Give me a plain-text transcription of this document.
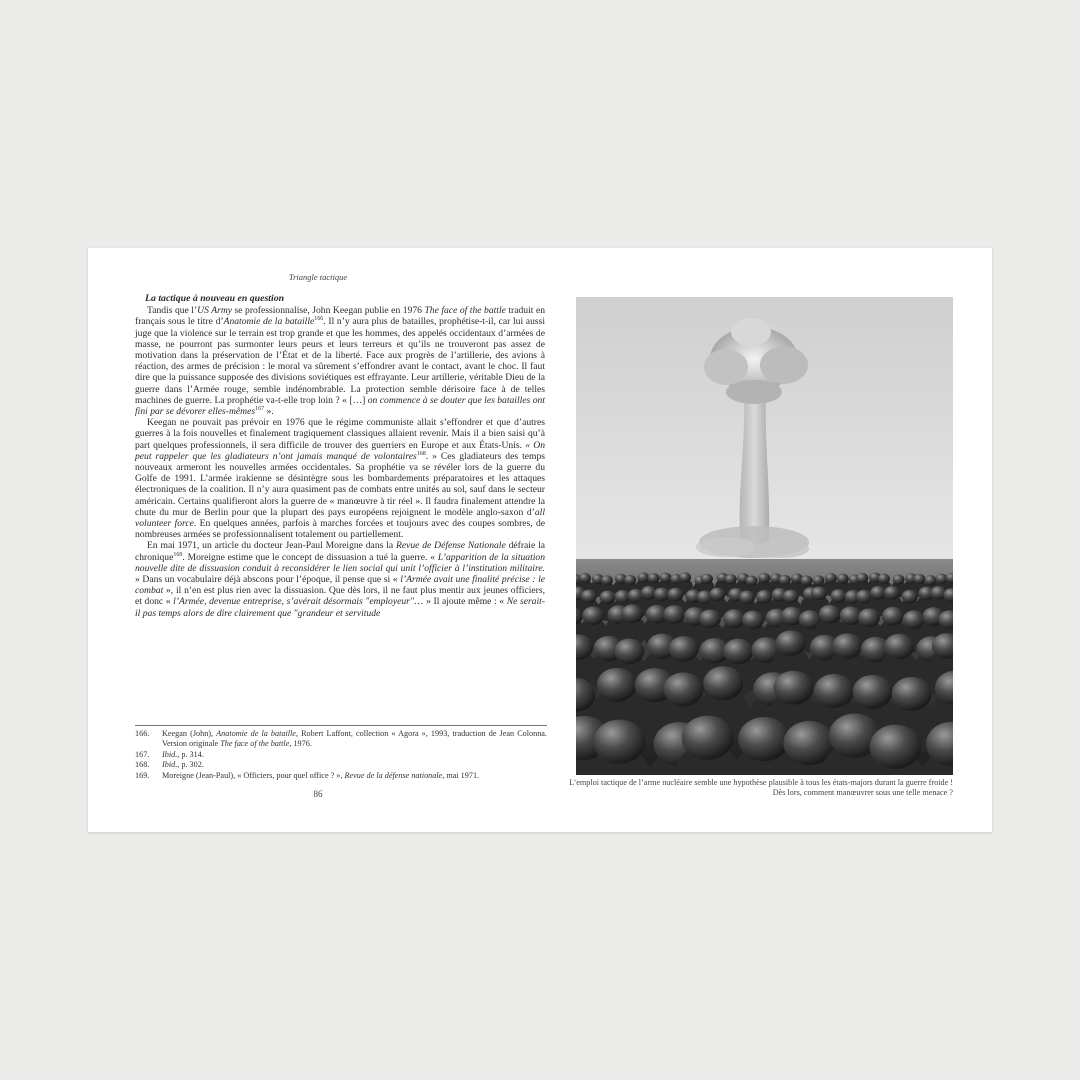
Triangle tactique
La tactique à nouveau en question

Tandis que l’US Army se professionnalise, John Keegan publie en 1976 The face of the battle traduit en français sous le titre d’Anatomie de la bataille$^{166}$. Il n’y aura plus de batailles, prophétise-t-il, car lui aussi juge que la violence sur le terrain est trop grande et que les hommes, des appelés occidentaux d’armées de masse, ne pourront pas surmonter leurs peurs et leurs terreurs et qu’ils ne trouveront pas assez de motivation dans la préservation de l’État et de la liberté. Face aux progrès de l’artillerie, des avions à réaction, des armes de précision : le moral va sûrement s’effondrer avant le contact, avant le choc. Il faut dire que la puissance supposée des divisions soviétiques est effrayante. Leur artillerie, véritable Dieu de la guerre dans l’Armée rouge, semble indénombrable. La protection semble dérisoire face à de telles machines de guerre. La prophétie va-t-elle trop loin ? « […] on commence à se douter que les batailles ont fini par se dévorer elles-mêmes$^{167}$ ».

Keegan ne pouvait pas prévoir en 1976 que le régime communiste allait s’effondrer et que d’autres guerres à la fois nouvelles et finalement tragiquement classiques allaient revenir. Mais il a bien saisi qu’à part quelques professionnels, il sera difficile de trouver des guerriers en Europe et aux États-Unis. « On peut rappeler que les gladiateurs n’ont jamais manqué de volontaires$^{168}$. » Ces gladiateurs des temps nouveaux armeront les nouvelles armées occidentales. Sa prophétie va se révéler lors de la guerre du Golfe de 1991. L’armée irakienne se désintègre sous les bombardements préparatoires et les attaques électroniques de la coalition. Il n’y aura quasiment pas de combats entre unités au sol, sauf dans le secteur américain. Certains qualifieront alors la guerre de « manœuvre à tir réel ». Il faudra finalement attendre la chute du mur de Berlin pour que la plupart des pays européens rejoignent le modèle anglo-saxon d’all volunteer force. En quelques années, parfois à marches forcées et toujours avec des coupes sombres, de nombreuses armées se professionnalisent totalement ou partiellement.

En mai 1971, un article du docteur Jean-Paul Moreigne dans la Revue de Défense Nationale défraie la chronique$^{169}$. Moreigne estime que le concept de dissuasion a tué la guerre. « L’apparition de la situation nouvelle dite de dissuasion conduit à reconsidérer le lien social qui unit l’officier à l’institution militaire. » Dans un vocabulaire déjà abscons pour l’époque, il pense que si « l’Armée avait une finalité précise : le combat », il n’en est plus rien avec la dissuasion. Que dès lors, il ne faut plus mentir aux jeunes officiers, et donc « l’Armée, devenue entreprise, s’avérait désormais "employeur"… » Il ajoute même : « Ne serait-il pas temps alors de dire clairement que "grandeur et servitude

166.	Keegan (John), Anatomie de la bataille, Robert Laffont, collection « Agora », 1993, traduction de Jean Colonna. Version originale The face of the battle, 1976.
167.	Ibid., p. 314.
168.	Ibid., p. 302.
169.	Moreigne (Jean-Paul), « Officiers, pour quel office ? », Revue de la défense nationale, mai 1971.
86
L’emploi tactique de l’arme nucléaire semble une hypothèse plausible à tous les états-majors durant la guerre froide !
Dès lors, comment manœuvrer sous une telle menace ?
